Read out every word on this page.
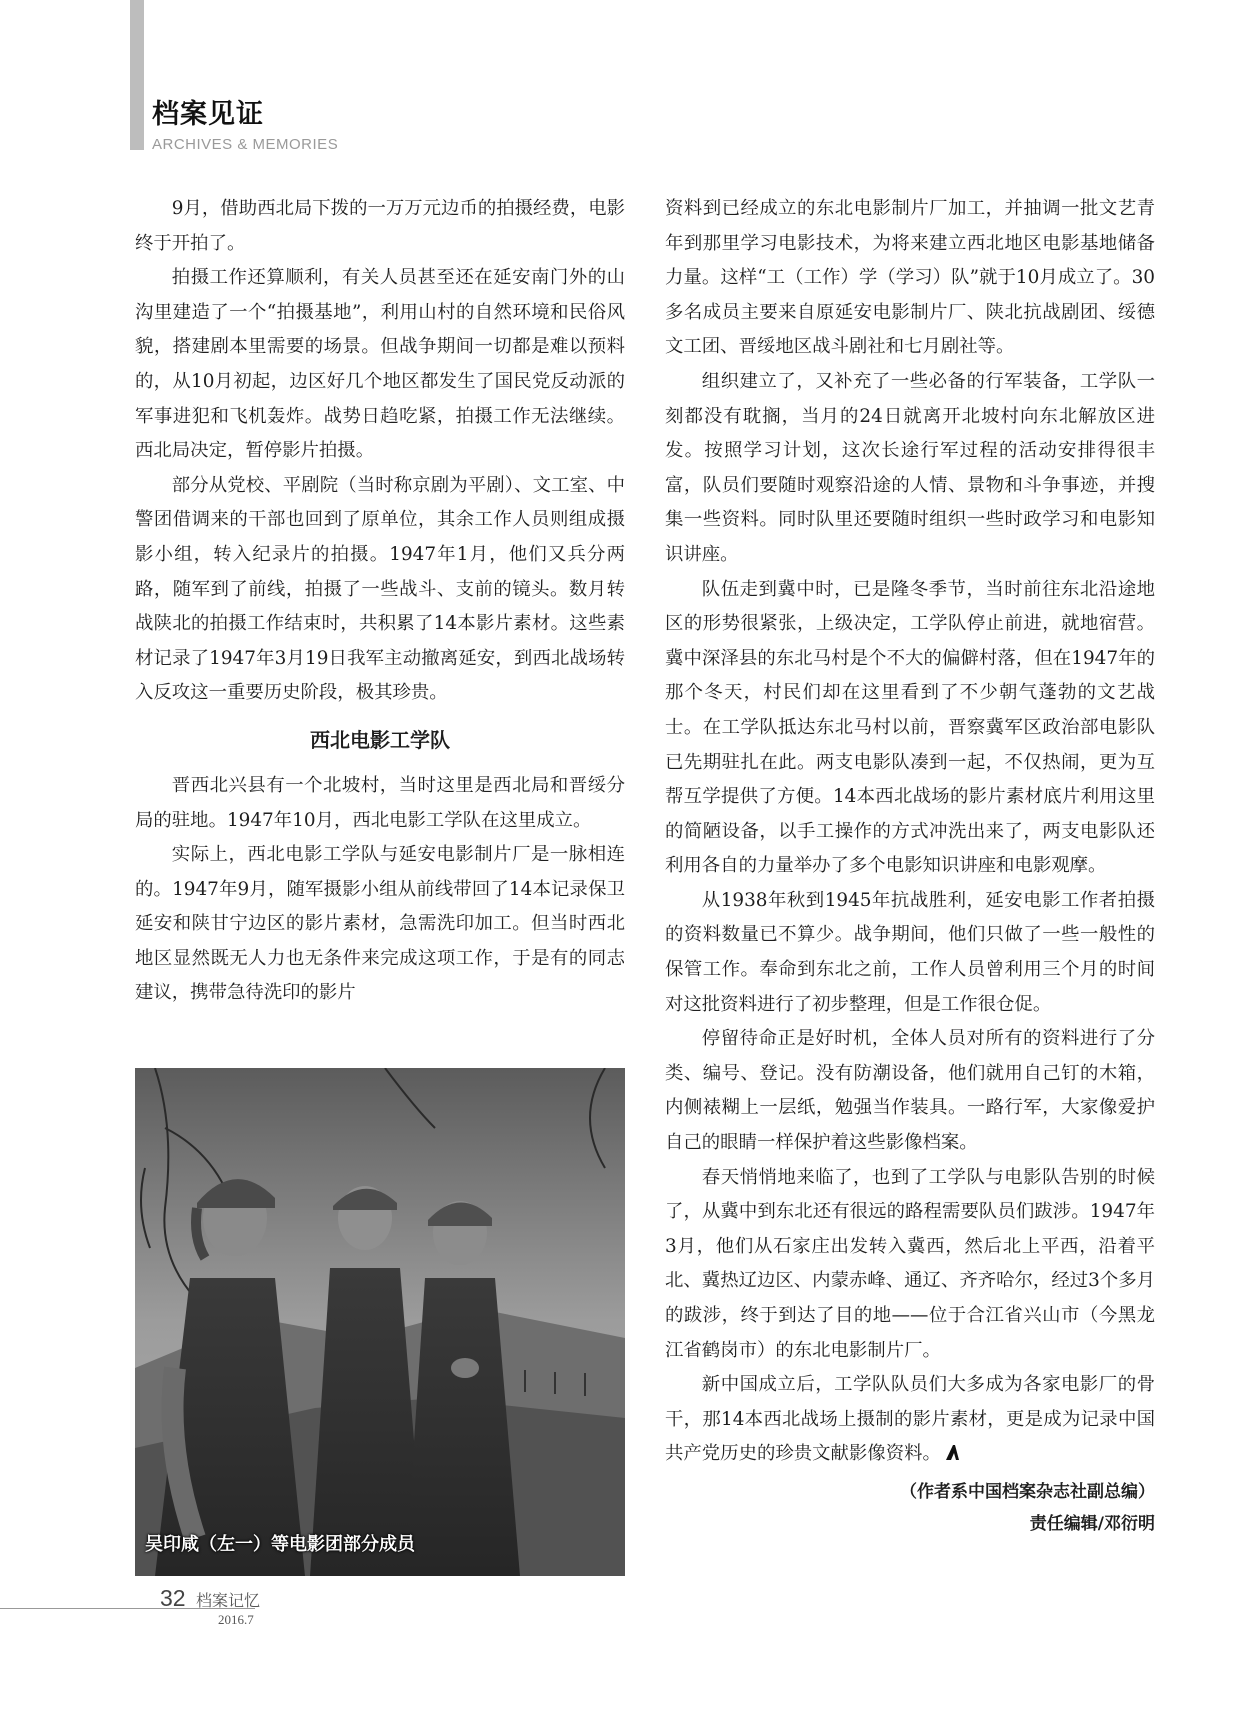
档案见证
ARCHIVES & MEMORIES

9月，借助西北局下拨的一万万元边币的拍摄经费，电影终于开拍了。

拍摄工作还算顺利，有关人员甚至还在延安南门外的山沟里建造了一个“拍摄基地”，利用山村的自然环境和民俗风貌，搭建剧本里需要的场景。但战争期间一切都是难以预料的，从10月初起，边区好几个地区都发生了国民党反动派的军事进犯和飞机轰炸。战势日趋吃紧，拍摄工作无法继续。西北局决定，暂停影片拍摄。

部分从党校、平剧院（当时称京剧为平剧）、文工室、中警团借调来的干部也回到了原单位，其余工作人员则组成摄影小组，转入纪录片的拍摄。1947年1月，他们又兵分两路，随军到了前线，拍摄了一些战斗、支前的镜头。数月转战陕北的拍摄工作结束时，共积累了14本影片素材。这些素材记录了1947年3月19日我军主动撤离延安，到西北战场转入反攻这一重要历史阶段，极其珍贵。

西北电影工学队

晋西北兴县有一个北坡村，当时这里是西北局和晋绥分局的驻地。1947年10月，西北电影工学队在这里成立。

实际上，西北电影工学队与延安电影制片厂是一脉相连的。1947年9月，随军摄影小组从前线带回了14本记录保卫延安和陕甘宁边区的影片素材，急需洗印加工。但当时西北地区显然既无人力也无条件来完成这项工作，于是有的同志建议，携带急待洗印的影片

吴印咸（左一）等电影团部分成员

资料到已经成立的东北电影制片厂加工，并抽调一批文艺青年到那里学习电影技术，为将来建立西北地区电影基地储备力量。这样“工（工作）学（学习）队”就于10月成立了。30多名成员主要来自原延安电影制片厂、陕北抗战剧团、绥德文工团、晋绥地区战斗剧社和七月剧社等。

组织建立了，又补充了一些必备的行军装备，工学队一刻都没有耽搁，当月的24日就离开北坡村向东北解放区进发。按照学习计划，这次长途行军过程的活动安排得很丰富，队员们要随时观察沿途的人情、景物和斗争事迹，并搜集一些资料。同时队里还要随时组织一些时政学习和电影知识讲座。

队伍走到冀中时，已是隆冬季节，当时前往东北沿途地区的形势很紧张，上级决定，工学队停止前进，就地宿营。冀中深泽县的东北马村是个不大的偏僻村落，但在1947年的那个冬天，村民们却在这里看到了不少朝气蓬勃的文艺战士。在工学队抵达东北马村以前，晋察冀军区政治部电影队已先期驻扎在此。两支电影队凑到一起，不仅热闹，更为互帮互学提供了方便。14本西北战场的影片素材底片利用这里的简陋设备，以手工操作的方式冲洗出来了，两支电影队还利用各自的力量举办了多个电影知识讲座和电影观摩。

从1938年秋到1945年抗战胜利，延安电影工作者拍摄的资料数量已不算少。战争期间，他们只做了一些一般性的保管工作。奉命到东北之前，工作人员曾利用三个月的时间对这批资料进行了初步整理，但是工作很仓促。

停留待命正是好时机，全体人员对所有的资料进行了分类、编号、登记。没有防潮设备，他们就用自己钉的木箱，内侧裱糊上一层纸，勉强当作装具。一路行军，大家像爱护自己的眼睛一样保护着这些影像档案。

春天悄悄地来临了，也到了工学队与电影队告别的时候了，从冀中到东北还有很远的路程需要队员们跋涉。1947年3月，他们从石家庄出发转入冀西，然后北上平西，沿着平北、冀热辽边区、内蒙赤峰、通辽、齐齐哈尔，经过3个多月的跋涉，终于到达了目的地——位于合江省兴山市（今黑龙江省鹤岗市）的东北电影制片厂。

新中国成立后，工学队队员们大多成为各家电影厂的骨干，那14本西北战场上摄制的影片素材，更是成为记录中国共产党历史的珍贵文献影像资料。

（作者系中国档案杂志社副总编）
责任编辑/邓衍明
32 档案记忆
2016.7
